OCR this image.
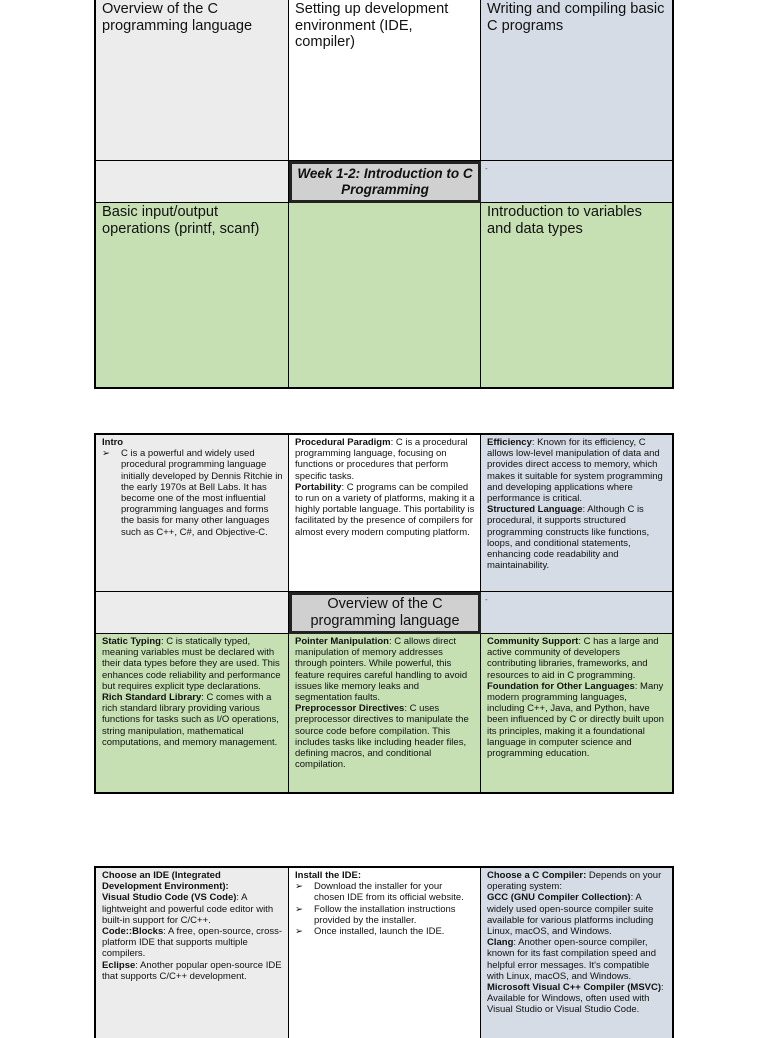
Overview of the C programming language
Setting up development environment (IDE, compiler)
Writing and compiling basic C programs
Week 1-2: Introduction to C Programming
-
Basic input/output operations (printf, scanf)
Introduction to variables and data types

Intro

➢ C is a powerful and widely used procedural programming language initially developed by Dennis Ritchie in the early 1970s at Bell Labs. It has become one of the most influential programming languages and forms the basis for many other languages such as C++, C#, and Objective-C.

Procedural Paradigm: C is a procedural programming language, focusing on functions or procedures that perform specific tasks.

Portability: C programs can be compiled to run on a variety of platforms, making it a highly portable language. This portability is facilitated by the presence of compilers for almost every modern computing platform.

Efficiency: Known for its efficiency, C allows low-level manipulation of data and provides direct access to memory, which makes it suitable for system programming and developing applications where performance is critical.

Structured Language: Although C is procedural, it supports structured programming constructs like functions, loops, and conditional statements, enhancing code readability and maintainability.

Overview of the C programming language
-

Static Typing: C is statically typed, meaning variables must be declared with their data types before they are used. This enhances code reliability and performance but requires explicit type declarations.

Rich Standard Library: C comes with a rich standard library providing various functions for tasks such as I/O operations, string manipulation, mathematical computations, and memory management.

Pointer Manipulation: C allows direct manipulation of memory addresses through pointers. While powerful, this feature requires careful handling to avoid issues like memory leaks and segmentation faults.

Preprocessor Directives: C uses preprocessor directives to manipulate the source code before compilation. This includes tasks like including header files, defining macros, and conditional compilation.

Community Support: C has a large and active community of developers contributing libraries, frameworks, and resources to aid in C programming.

Foundation for Other Languages: Many modern programming languages, including C++, Java, and Python, have been influenced by C or directly built upon its principles, making it a foundational language in computer science and programming education.

Choose an IDE (Integrated Development Environment):

Visual Studio Code (VS Code): A lightweight and powerful code editor with built-in support for C/C++.

Code::Blocks: A free, open-source, cross-platform IDE that supports multiple compilers.

Eclipse: Another popular open-source IDE that supports C/C++ development.

Install the IDE:

➢ Download the installer for your chosen IDE from its official website.

➢ Follow the installation instructions provided by the installer.

➢ Once installed, launch the IDE.

Choose a C Compiler: Depends on your operating system:

GCC (GNU Compiler Collection): A widely used open-source compiler suite available for various platforms including Linux, macOS, and Windows.

Clang: Another open-source compiler, known for its fast compilation speed and helpful error messages. It's compatible with Linux, macOS, and Windows.

Microsoft Visual C++ Compiler (MSVC): Available for Windows, often used with Visual Studio or Visual Studio Code.
